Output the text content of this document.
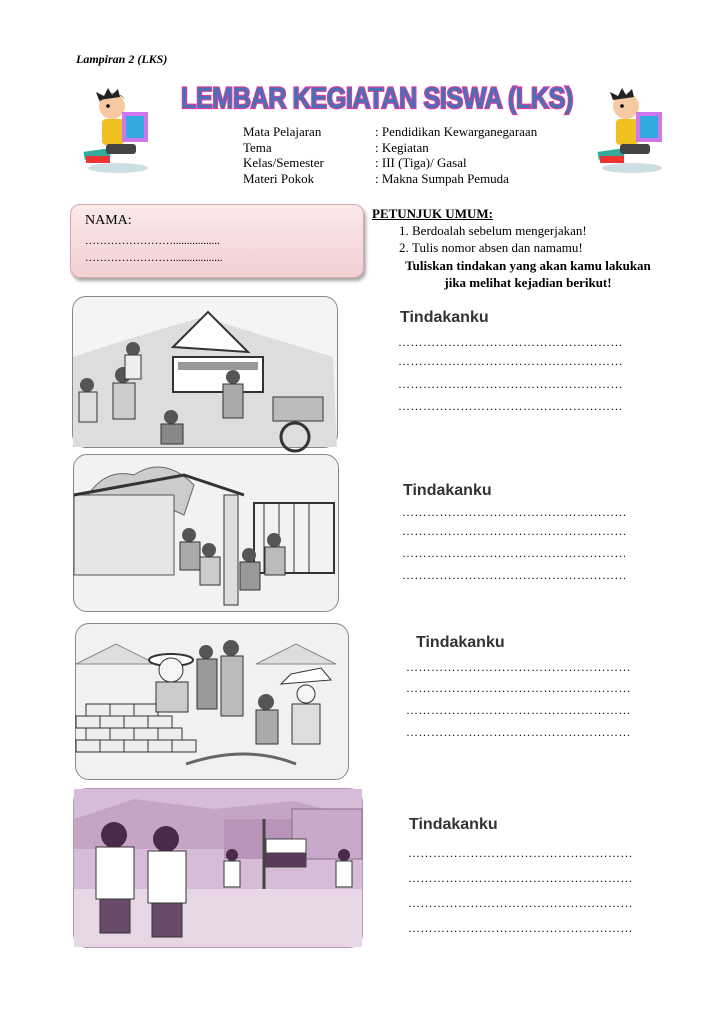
Lampiran 2 (LKS)
LEMBAR KEGIATAN SISWA (LKS)
Mata Pelajaran
Tema
Kelas/Semester
Materi Pokok
: Pendidikan Kewarganegaraan
: Kegiatan
: III (Tiga)/ Gasal
: Makna Sumpah Pemuda
NAMA:
…………………….................
……………………..................
PETUNJUK UMUM:
1. Berdoalah sebelum mengerjakan!
2. Tulis nomor absen dan namamu!
Tuliskan tindakan yang akan kamu lakukan
jika melihat kejadian berikut!
Tindakanku
………………………………………………
………………………………………………
………………………………………………
………………………………………………
Tindakanku
………………………………………………
………………………………………………
………………………………………………
………………………………………………
Tindakanku
………………………………………………
………………………………………………
………………………………………………
………………………………………………
Tindakanku
………………………………………………
………………………………………………
………………………………………………
………………………………………………
